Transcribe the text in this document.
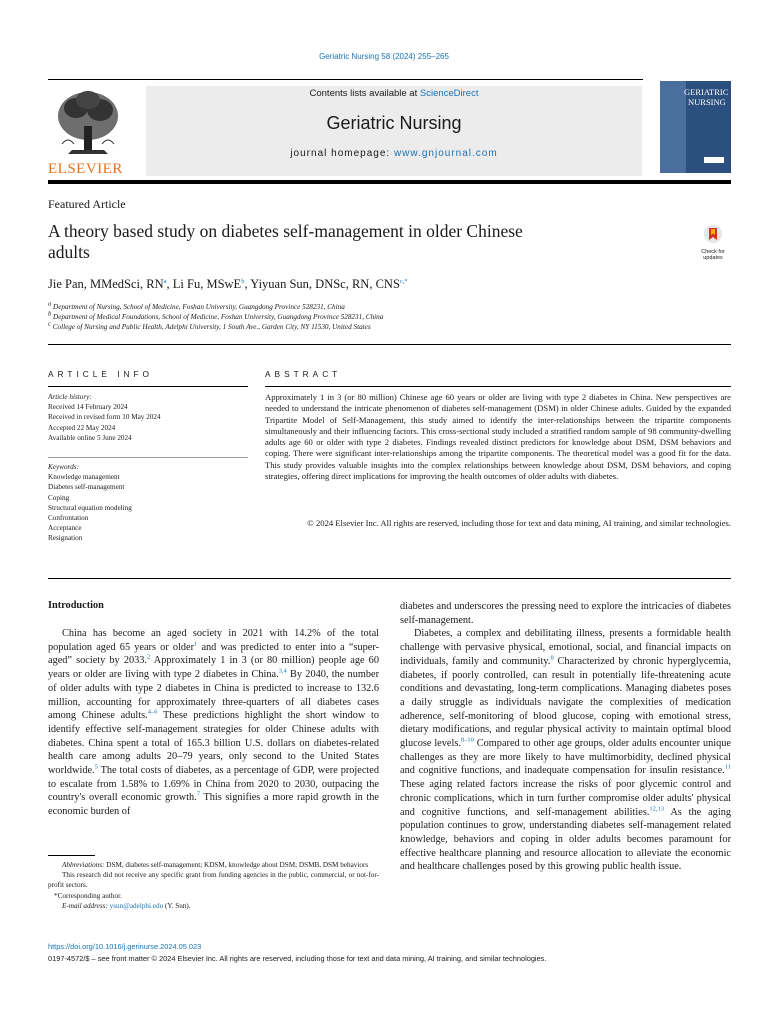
Geriatric Nursing 58 (2024) 255–265
ELSEVIER
Contents lists available at ScienceDirect
Geriatric Nursing
journal homepage: www.gnjournal.com
GERIATRIC
NURSING
Featured Article
A theory based study on diabetes self-management in older Chinese
adults	Check for
updates
Jie Pan, MMedSci, $RN^a$, Li Fu, MSwE$^b$, Yiyuan Sun, DNSc, RN, $CNS^{c,*}$
$^a$ Department of Nursing, School of Medicine, Foshan University, Guangdong Province 528231, China
$^b$ Department of Medical Foundations, School of Medicine, Foshan University, Guangdong Province 528231, China
$^c$ College of Nursing and Public Health, Adelphi University, 1 South Ave., Garden City, NY 11530, United States
ARTICLE INFO
Article history:
Received 14 February 2024
Received in revised form 10 May 2024
Accepted 22 May 2024
Available online 5 June 2024
Keywords:
Knowledge management
Diabetes self-management
Coping
Structural equation modeling
Confrontation
Acceptance
Resignation
ABSTRACT
Approximately 1 in 3 (or 80 million) Chinese age 60 years or older are living with type 2 diabetes in China. New perspectives are needed to understand the intricate phenomenon of diabetes self-management (DSM) in older Chinese adults. Guided by the expanded Tripartite Model of Self-Management, this study aimed to identify the inter-relationships between the tripartite components simultaneously and their influencing factors. This cross-sectional study included a stratified random sample of 98 community-dwelling adults age 60 or older with type 2 diabetes. Findings revealed distinct predictors for knowledge about DSM, DSM behaviors and coping. There were significant inter-relationships among the tripartite components. The theoretical model was a good fit for the data. This study provides valuable insights into the complex relationships between knowledge about DSM, DSM behaviors, and coping strategies, offering direct implications for improving the health outcomes of older adults with diabetes.
© 2024 Elsevier Inc. All rights are reserved, including those for text and data mining, AI training, and similar technologies.
Introduction

China has become an aged society in 2021 with 14.2% of the total population aged 65 years or older$^1$ and was predicted to enter into a “super-aged” society by 2033.$^2$ Approximately 1 in 3 (or 80 million) people age 60 years or older are living with type 2 diabetes in China.$^{3,4}$ By 2040, the number of older adults with type 2 diabetes in China is predicted to increase to 132.6 million, accounting for approximately three-quarters of all diabetes cases among Chinese adults.$^{4-6}$ These predictions highlight the short window to identify effective self-management strategies for older Chinese adults with diabetes. China spent a total of 165.3 billion U.S. dollars on diabetes-related health care among adults 20–79 years, only second to the United States worldwide.$^5$ The total costs of diabetes, as a percentage of GDP, were projected to escalate from 1.58% to 1.69% in China from 2020 to 2030, outpacing the country's overall economic growth.$^7$ This signifies a more rapid growth in the economic burden of

Abbreviations: DSM, diabetes self-management; KDSM, knowledge about DSM; DSMB, DSM behaviors
This research did not receive any specific grant from funding agencies in the public, commercial, or not-for-profit sectors.
*Corresponding author.
E-mail address: ysun@adelphi.edu (Y. Sun).

diabetes and underscores the pressing need to explore the intricacies of diabetes self-management.

Diabetes, a complex and debilitating illness, presents a formidable health challenge with pervasive physical, emotional, social, and financial impacts on individuals, family and community.$^8$ Characterized by chronic hyperglycemia, diabetes, if poorly controlled, can result in potentially life-threatening acute conditions and devastating, long-term complications. Managing diabetes poses a daily struggle as individuals navigate the complexities of medication adherence, self-monitoring of blood glucose, coping with emotional stress, dietary modifications, and regular physical activity to maintain optimal blood glucose levels.$^{8-10}$ Compared to other age groups, older adults encounter unique challenges as they are more likely to have multimorbidity, declined physical and cognitive functions, and inadequate compensation for insulin resistance.$^{11}$ These aging related factors increase the risks of poor glycemic control and chronic complications, which in turn further compromise older adults' physical and cognitive functions, and self-management abilities.$^{12,13}$ As the aging population continues to grow, understanding diabetes self-management related knowledge, behaviors and coping in older adults becomes paramount for effective healthcare planning and resource allocation to alleviate the economic and healthcare challenges posed by this growing public health issue.

https://doi.org/10.1016/j.gerinurse.2024.05.023
0197-4572/$ – see front matter © 2024 Elsevier Inc. All rights are reserved, including those for text and data mining, AI training, and similar technologies.
